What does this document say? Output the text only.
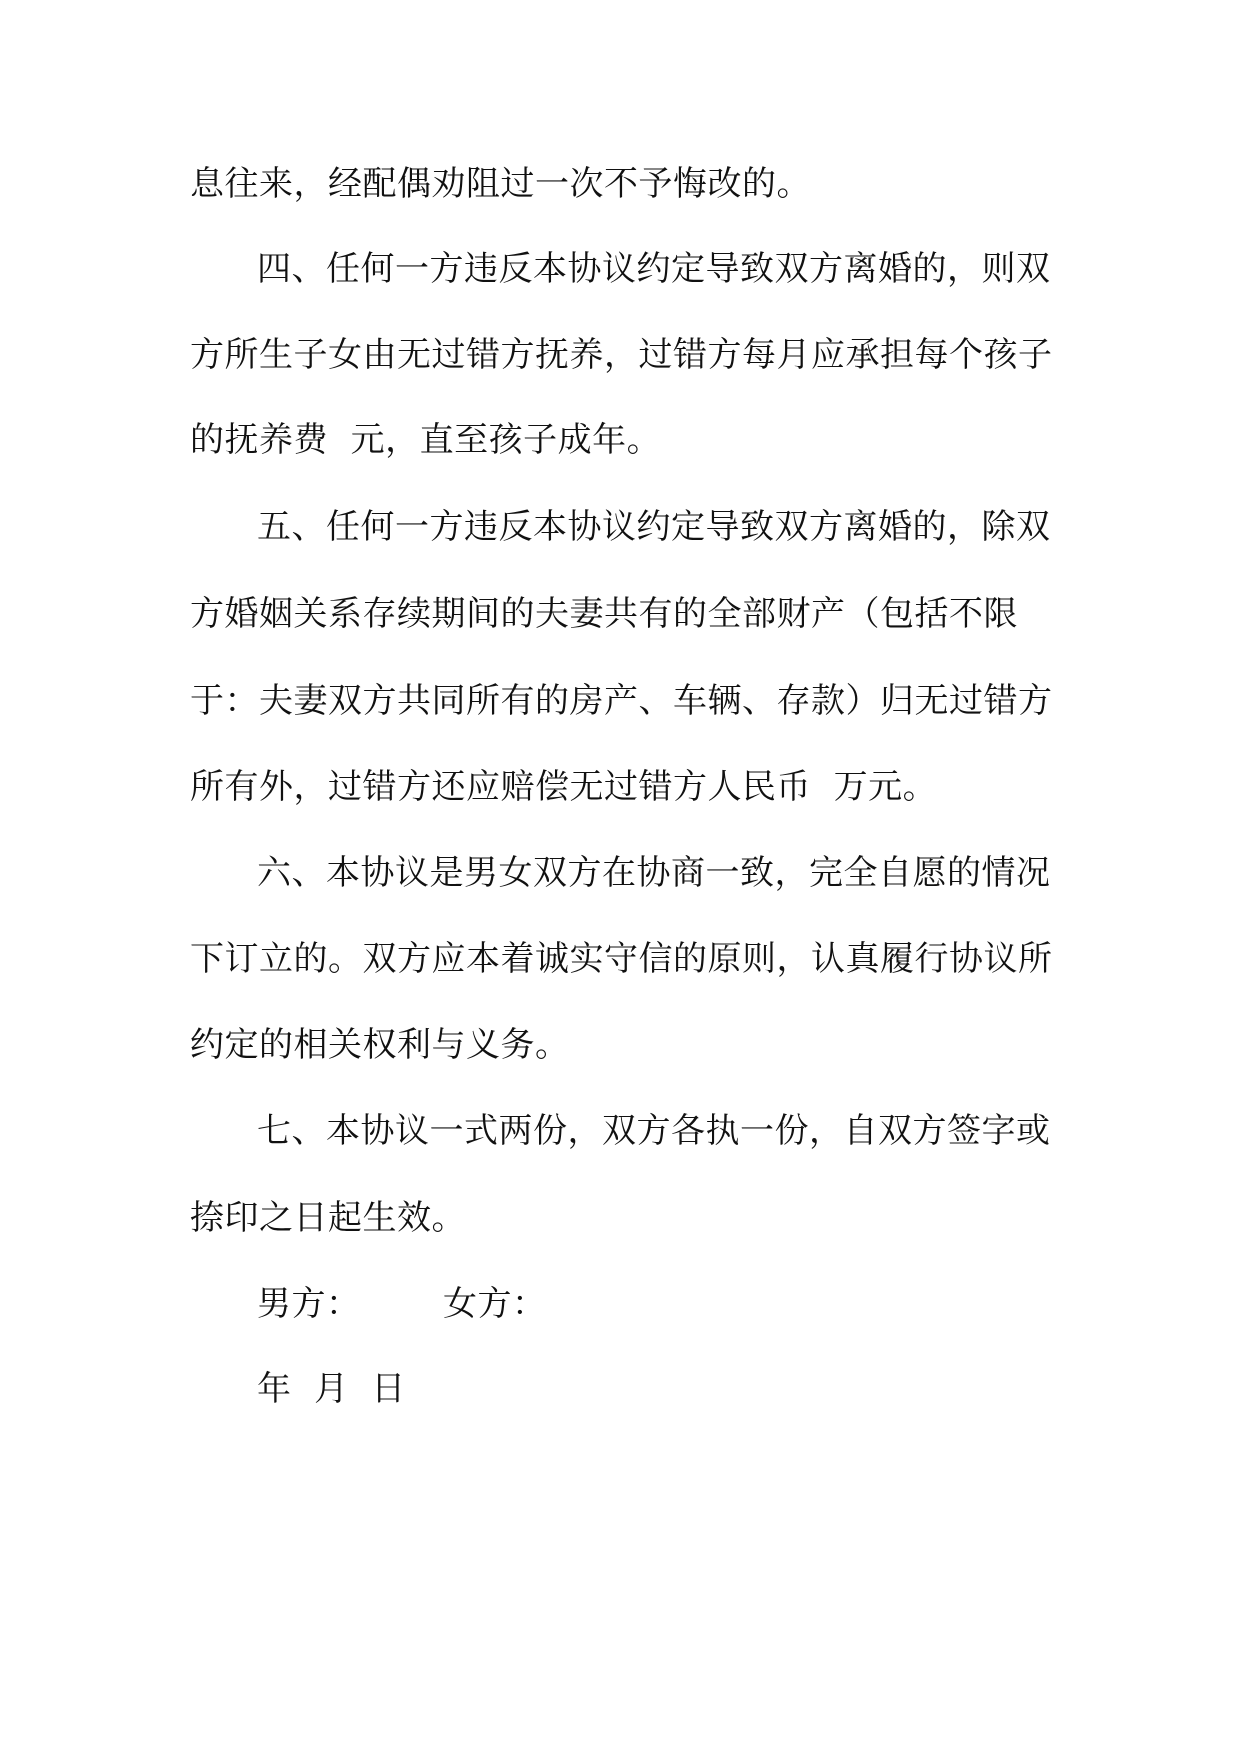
息往来，经配偶劝阻过一次不予悔改的。
四、任何一方违反本协议约定导致双方离婚的，则双
方所生子女由无过错方抚养，过错方每月应承担每个孩子
的抚养费  元，直至孩子成年。
五、任何一方违反本协议约定导致双方离婚的，除双
方婚姻关系存续期间的夫妻共有的全部财产（包括不限
于：夫妻双方共同所有的房产、车辆、存款）归无过错方
所有外，过错方还应赔偿无过错方人民币  万元。
六、本协议是男女双方在协商一致，完全自愿的情况
下订立的。双方应本着诚实守信的原则，认真履行协议所
约定的相关权利与义务。
七、本协议一式两份，双方各执一份，自双方签字或
捺印之日起生效。
男方： 女方：
年  月  日
